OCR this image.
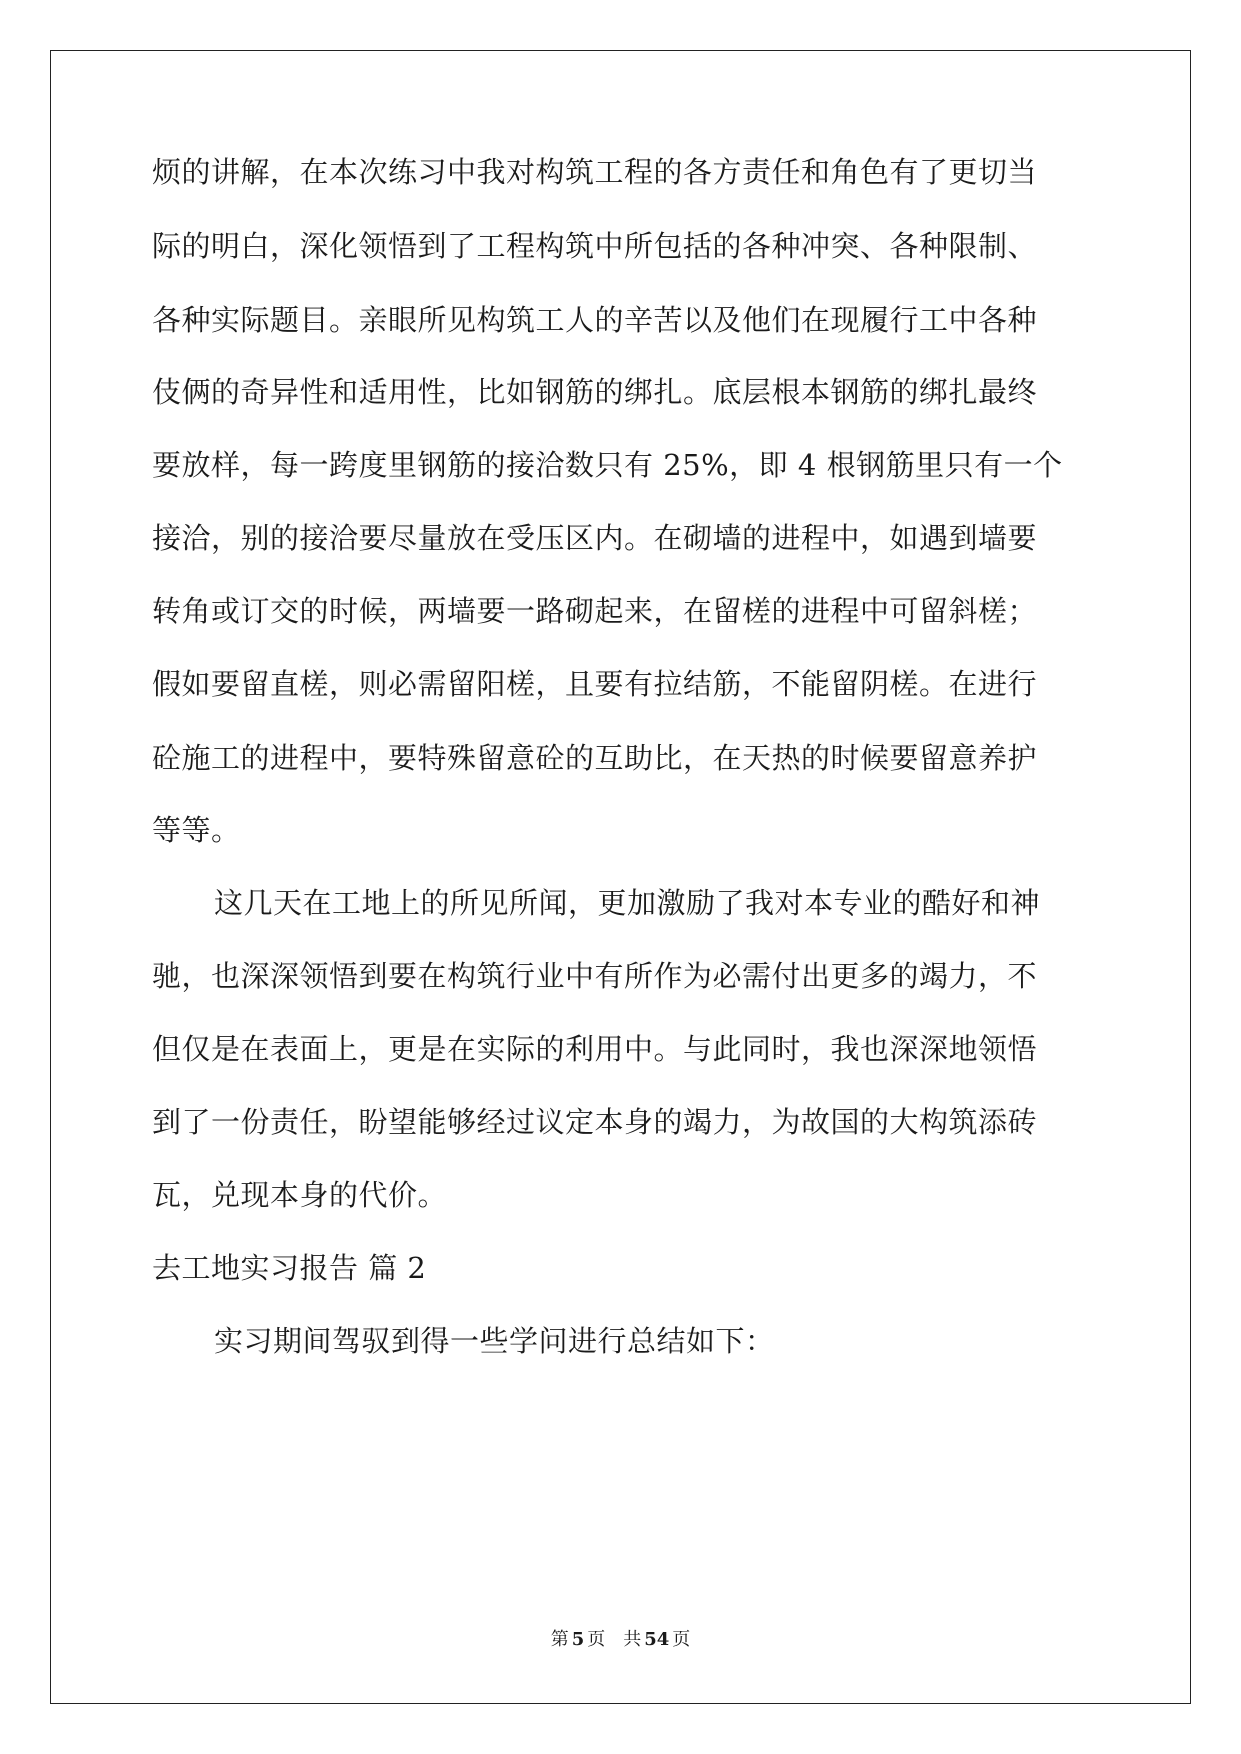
烦的讲解，在本次练习中我对构筑工程的各方责任和角色有了更切当
际的明白，深化领悟到了工程构筑中所包括的各种冲突、各种限制、
各种实际题目。亲眼所见构筑工人的辛苦以及他们在现履行工中各种
伎俩的奇异性和适用性，比如钢筋的绑扎。底层根本钢筋的绑扎最终
要放样，每一跨度里钢筋的接洽数只有 25%，即 4 根钢筋里只有一个
接洽，别的接洽要尽量放在受压区内。在砌墙的进程中，如遇到墙要
转角或订交的时候，两墙要一路砌起来，在留槎的进程中可留斜槎；
假如要留直槎，则必需留阳槎，且要有拉结筋，不能留阴槎。在进行
砼施工的进程中，要特殊留意砼的互助比，在天热的时候要留意养护
等等。
这几天在工地上的所见所闻，更加激励了我对本专业的酷好和神
驰，也深深领悟到要在构筑行业中有所作为必需付出更多的竭力，不
但仅是在表面上，更是在实际的利用中。与此同时，我也深深地领悟
到了一份责任，盼望能够经过议定本身的竭力，为故国的大构筑添砖
瓦，兑现本身的代价。
去工地实习报告 篇 2
实习期间驾驭到得一些学问进行总结如下：
第 5 页 共 54 页
